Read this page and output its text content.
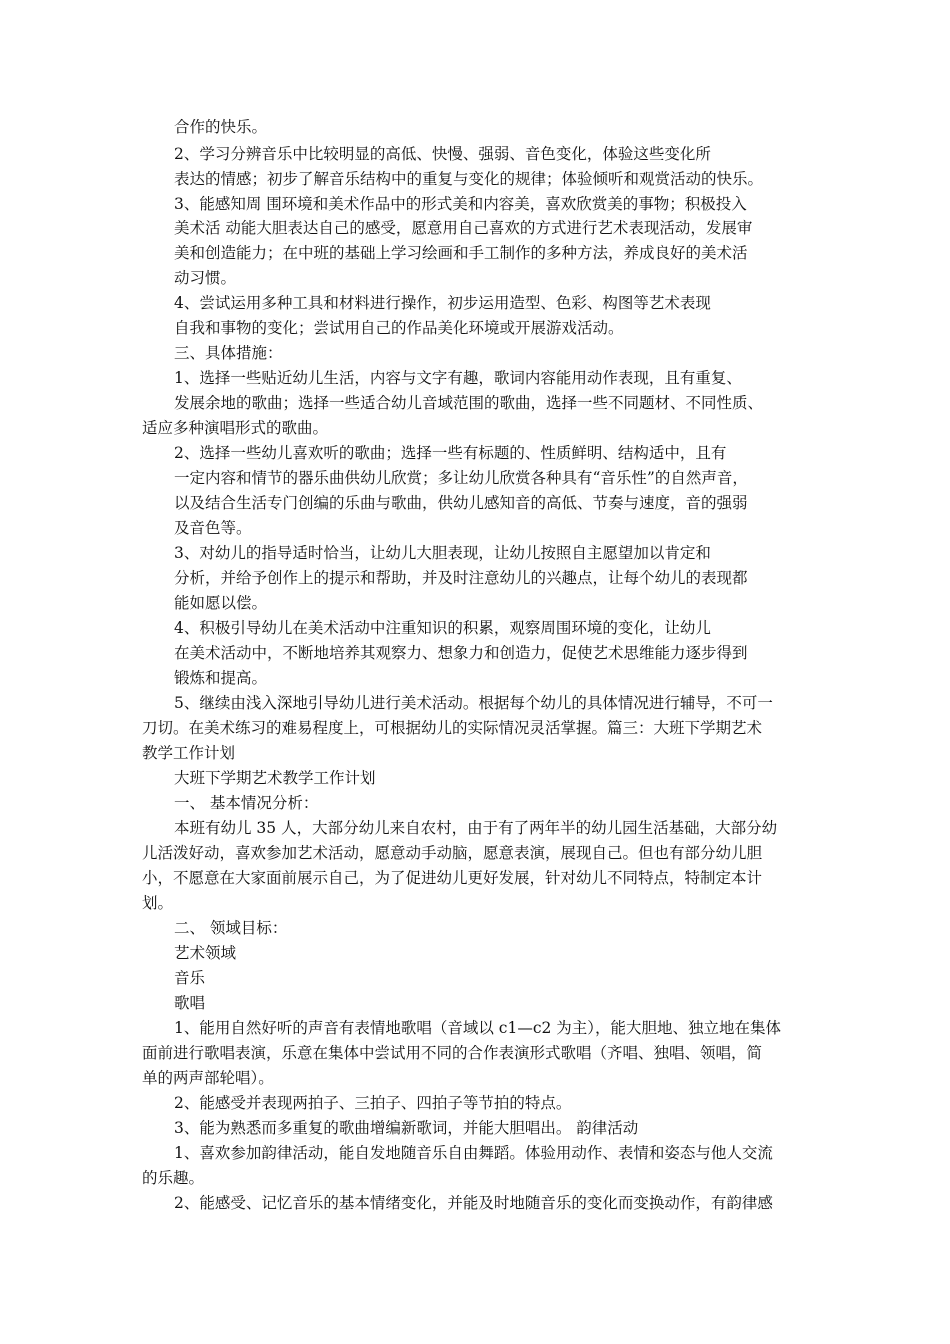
合作的快乐。
2、学习分辨音乐中比较明显的高低、快慢、强弱、音色变化，体验这些变化所
表达的情感；初步了解音乐结构中的重复与变化的规律；体验倾听和观赏活动的快乐。
3、能感知周 围环境和美术作品中的形式美和内容美，喜欢欣赏美的事物；积极投入
美术活 动能大胆表达自己的感受，愿意用自己喜欢的方式进行艺术表现活动，发展审
美和创造能力；在中班的基础上学习绘画和手工制作的多种方法，养成良好的美术活
动习惯。
4、尝试运用多种工具和材料进行操作，初步运用造型、色彩、构图等艺术表现
自我和事物的变化；尝试用自己的作品美化环境或开展游戏活动。
三、具体措施：
1、选择一些贴近幼儿生活，内容与文字有趣，歌词内容能用动作表现，且有重复、
发展余地的歌曲；选择一些适合幼儿音域范围的歌曲，选择一些不同题材、不同性质、
适应多种演唱形式的歌曲。
2、选择一些幼儿喜欢听的歌曲；选择一些有标题的、性质鲜明、结构适中，且有
一定内容和情节的器乐曲供幼儿欣赏；多让幼儿欣赏各种具有“音乐性”的自然声音，
以及结合生活专门创编的乐曲与歌曲，供幼儿感知音的高低、节奏与速度，音的强弱
及音色等。
3、对幼儿的指导适时恰当，让幼儿大胆表现，让幼儿按照自主愿望加以肯定和
分析，并给予创作上的提示和帮助，并及时注意幼儿的兴趣点，让每个幼儿的表现都
能如愿以偿。
4、积极引导幼儿在美术活动中注重知识的积累，观察周围环境的变化，让幼儿
在美术活动中，不断地培养其观察力、想象力和创造力，促使艺术思维能力逐步得到
锻炼和提高。
5、继续由浅入深地引导幼儿进行美术活动。根据每个幼儿的具体情况进行辅导，不可一
刀切。在美术练习的难易程度上，可根据幼儿的实际情况灵活掌握。篇三：大班下学期艺术
教学工作计划
大班下学期艺术教学工作计划
一、 基本情况分析：
本班有幼儿 35 人，大部分幼儿来自农村，由于有了两年半的幼儿园生活基础，大部分幼
儿活泼好动，喜欢参加艺术活动，愿意动手动脑，愿意表演，展现自己。但也有部分幼儿胆
小，不愿意在大家面前展示自己，为了促进幼儿更好发展，针对幼儿不同特点，特制定本计
划。
二、 领域目标：
艺术领域
音乐
歌唱
1、能用自然好听的声音有表情地歌唱（音域以 c1—c2 为主），能大胆地、独立地在集体
面前进行歌唱表演，乐意在集体中尝试用不同的合作表演形式歌唱（齐唱、独唱、领唱，简
单的两声部轮唱）。
2、能感受并表现两拍子、三拍子、四拍子等节拍的特点。
3、能为熟悉而多重复的歌曲增编新歌词，并能大胆唱出。 韵律活动
1、喜欢参加韵律活动，能自发地随音乐自由舞蹈。体验用动作、表情和姿态与他人交流
的乐趣。
2、能感受、记忆音乐的基本情绪变化，并能及时地随音乐的变化而变换动作，有韵律感
